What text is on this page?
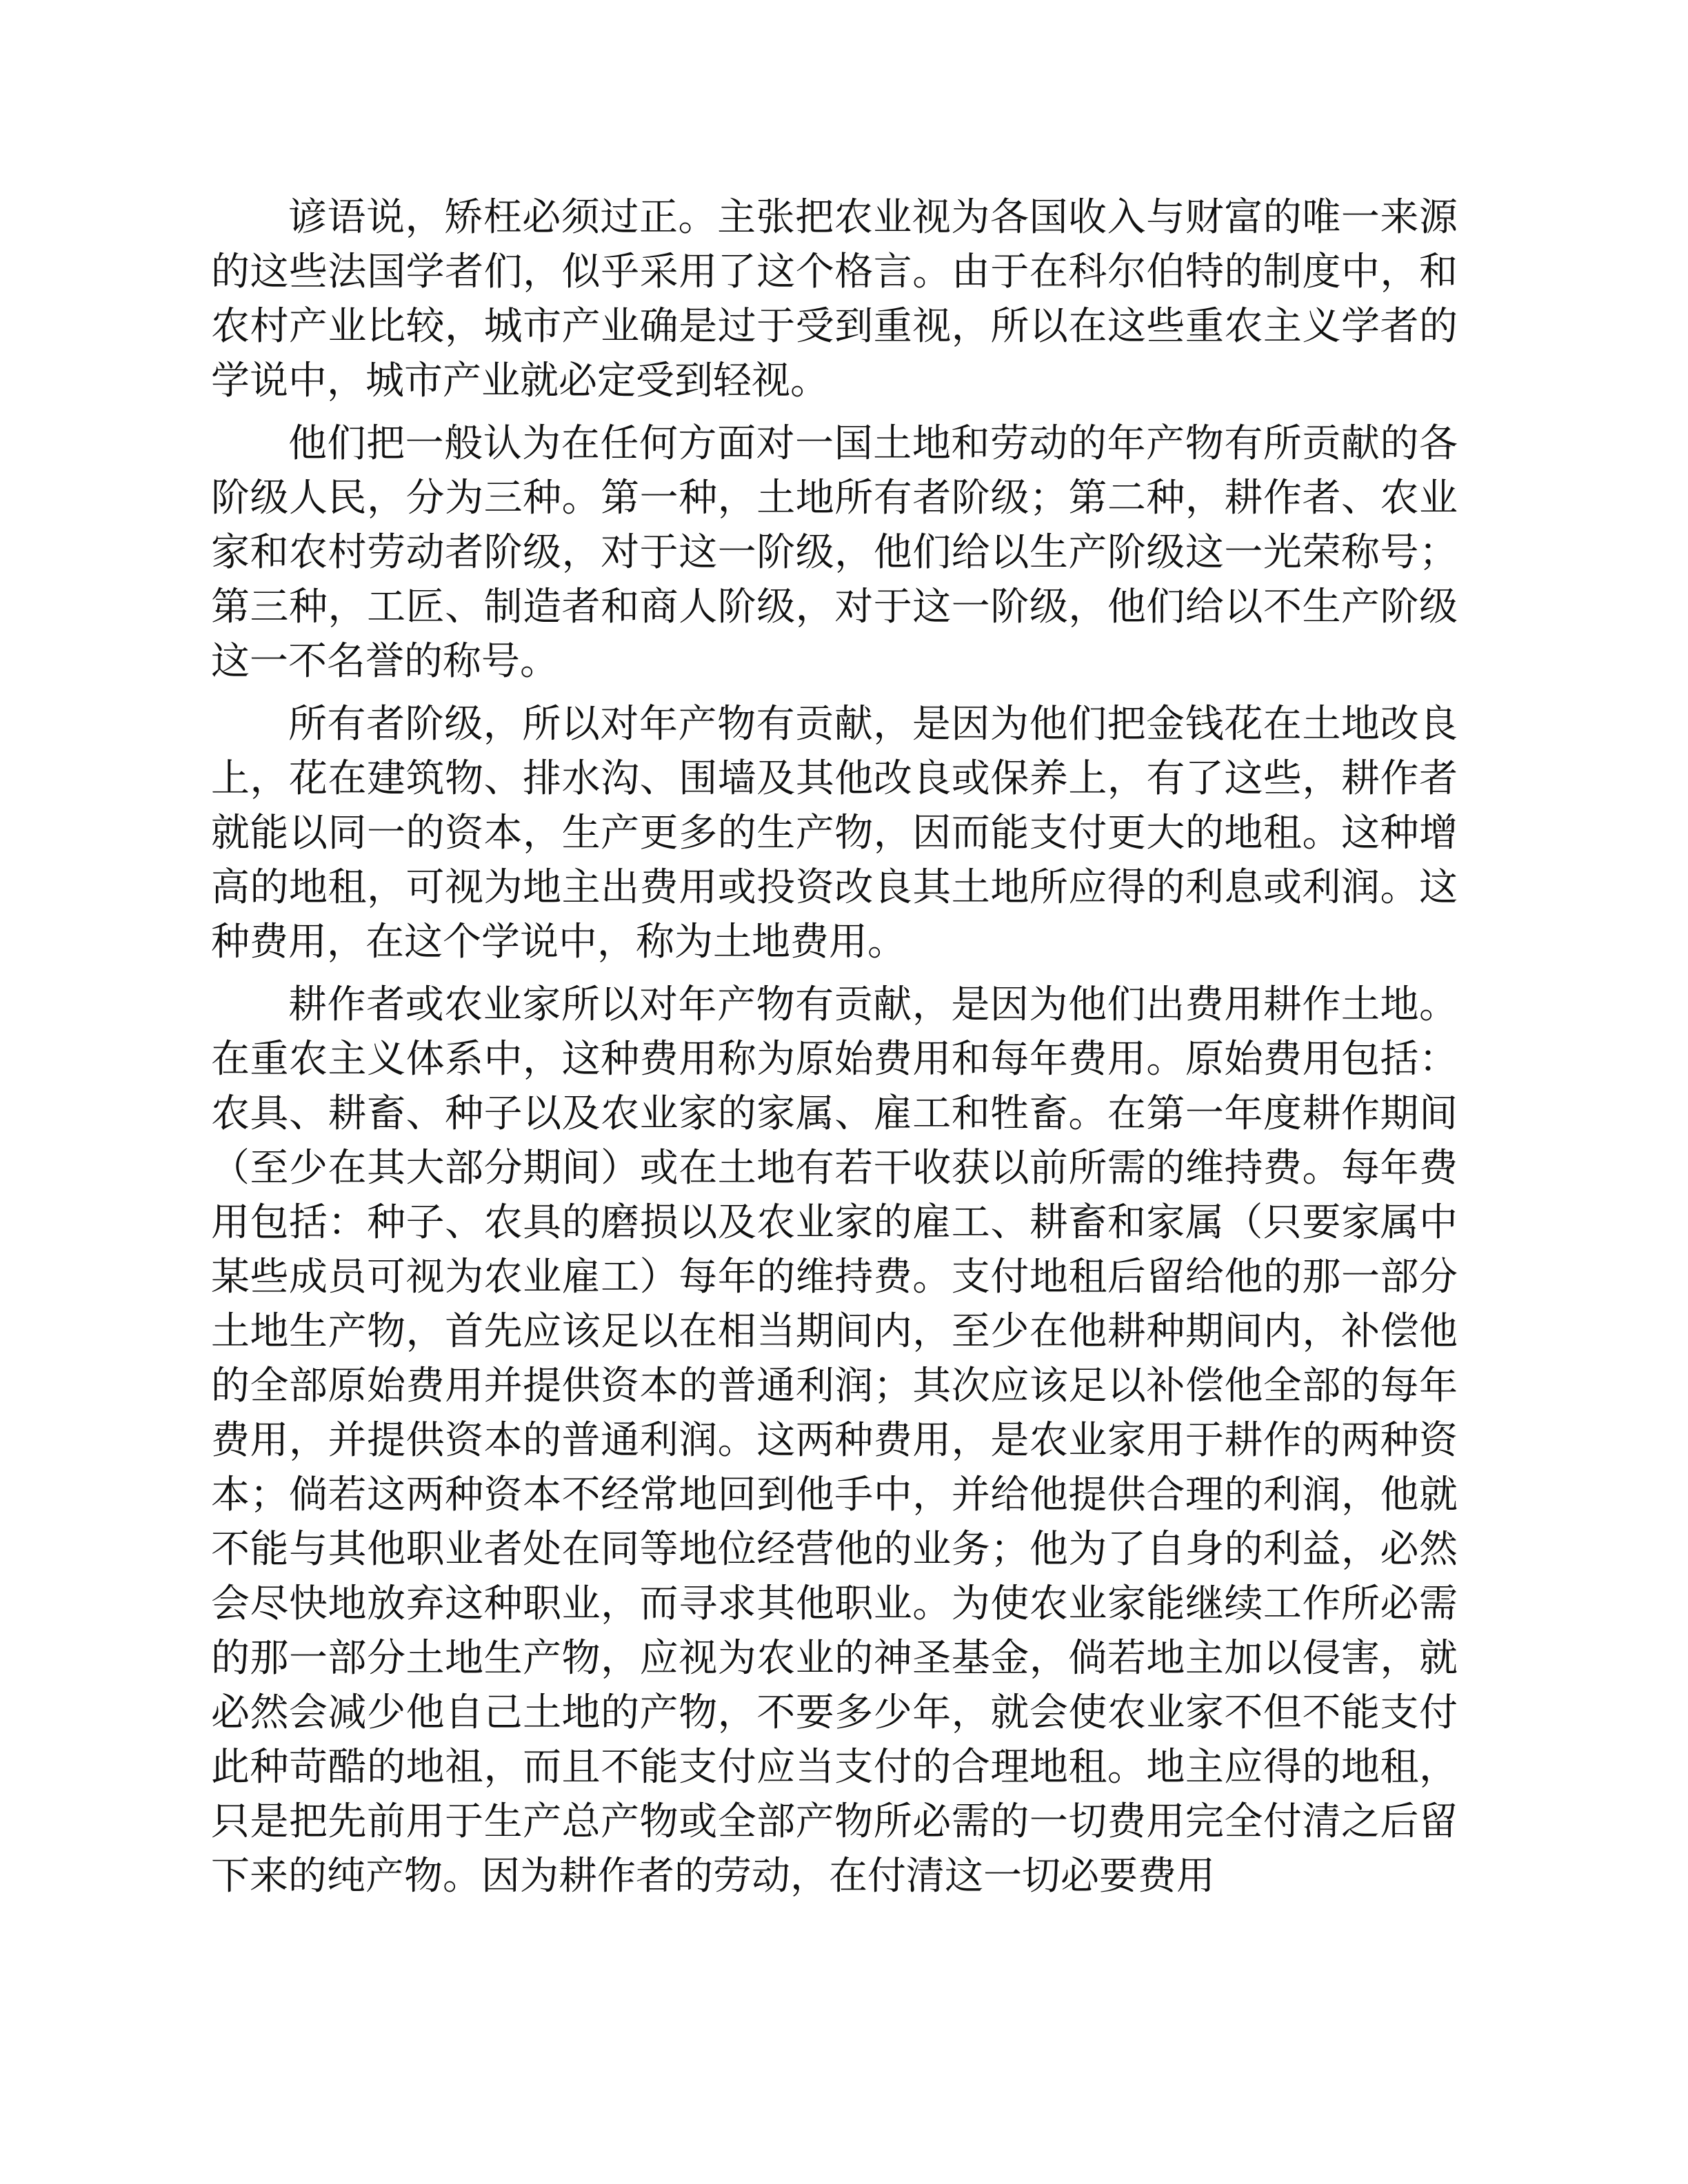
谚语说，矫枉必须过正。主张把农业视为各国收入与财富的唯一来源的这些法国学者们，似乎采用了这个格言。由于在科尔伯特的制度中，和农村产业比较，城市产业确是过于受到重视，所以在这些重农主义学者的学说中，城市产业就必定受到轻视。

他们把一般认为在任何方面对一国土地和劳动的年产物有所贡献的各阶级人民，分为三种。第一种，土地所有者阶级；第二种，耕作者、农业家和农村劳动者阶级，对于这一阶级，他们给以生产阶级这一光荣称号；第三种，工匠、制造者和商人阶级，对于这一阶级，他们给以不生产阶级这一不名誉的称号。

所有者阶级，所以对年产物有贡献，是因为他们把金钱花在土地改良上，花在建筑物、排水沟、围墙及其他改良或保养上，有了这些，耕作者就能以同一的资本，生产更多的生产物，因而能支付更大的地租。这种增高的地租，可视为地主出费用或投资改良其土地所应得的利息或利润。这种费用，在这个学说中，称为土地费用。

耕作者或农业家所以对年产物有贡献，是因为他们出费用耕作土地。在重农主义体系中，这种费用称为原始费用和每年费用。原始费用包括：农具、耕畜、种子以及农业家的家属、雇工和牲畜。在第一年度耕作期间（至少在其大部分期间）或在土地有若干收获以前所需的维持费。每年费用包括：种子、农具的磨损以及农业家的雇工、耕畜和家属（只要家属中某些成员可视为农业雇工）每年的维持费。支付地租后留给他的那一部分土地生产物，首先应该足以在相当期间内，至少在他耕种期间内，补偿他的全部原始费用并提供资本的普通利润；其次应该足以补偿他全部的每年费用，并提供资本的普通利润。这两种费用，是农业家用于耕作的两种资本；倘若这两种资本不经常地回到他手中，并给他提供合理的利润，他就不能与其他职业者处在同等地位经营他的业务；他为了自身的利益，必然会尽快地放弃这种职业，而寻求其他职业。为使农业家能继续工作所必需的那一部分土地生产物，应视为农业的神圣基金，倘若地主加以侵害，就必然会减少他自己土地的产物，不要多少年，就会使农业家不但不能支付此种苛酷的地祖，而且不能支付应当支付的合理地租。地主应得的地租，只是把先前用于生产总产物或全部产物所必需的一切费用完全付清之后留下来的纯产物。因为耕作者的劳动，在付清这一切必要费用
